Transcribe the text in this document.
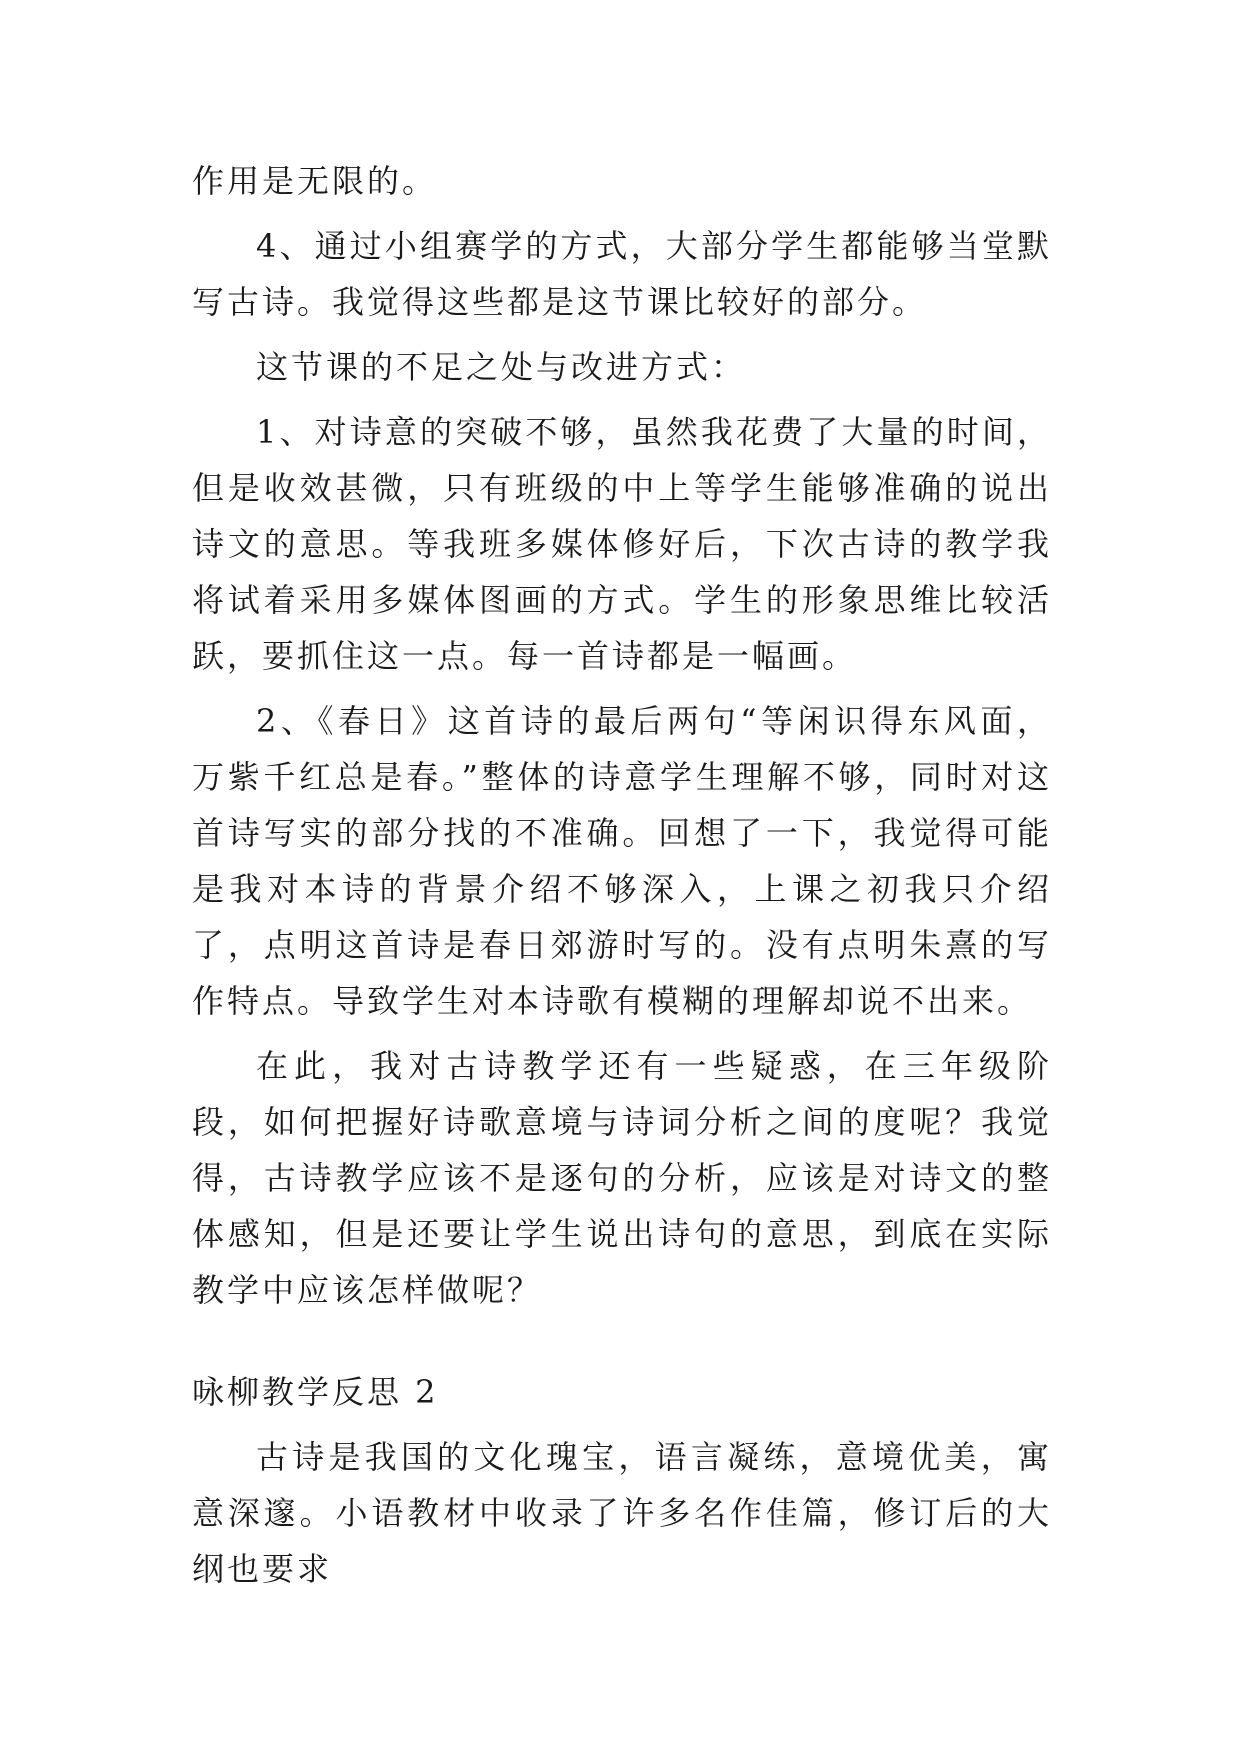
作用是无限的。

4、通过小组赛学的方式，大部分学生都能够当堂默写古诗。我觉得这些都是这节课比较好的部分。

这节课的不足之处与改进方式：

1、对诗意的突破不够，虽然我花费了大量的时间，但是收效甚微，只有班级的中上等学生能够准确的说出诗文的意思。等我班多媒体修好后，下次古诗的教学我将试着采用多媒体图画的方式。学生的形象思维比较活跃，要抓住这一点。每一首诗都是一幅画。

2、《春日》这首诗的最后两句“等闲识得东风面，万紫千红总是春。”整体的诗意学生理解不够，同时对这首诗写实的部分找的不准确。回想了一下，我觉得可能是我对本诗的背景介绍不够深入，上课之初我只介绍了，点明这首诗是春日郊游时写的。没有点明朱熹的写作特点。导致学生对本诗歌有模糊的理解却说不出来。

在此，我对古诗教学还有一些疑惑，在三年级阶段，如何把握好诗歌意境与诗词分析之间的度呢？我觉得，古诗教学应该不是逐句的分析，应该是对诗文的整体感知，但是还要让学生说出诗句的意思，到底在实际教学中应该怎样做呢？

咏柳教学反思 2

古诗是我国的文化瑰宝，语言凝练，意境优美，寓意深邃。小语教材中收录了许多名作佳篇，修订后的大纲也要求
